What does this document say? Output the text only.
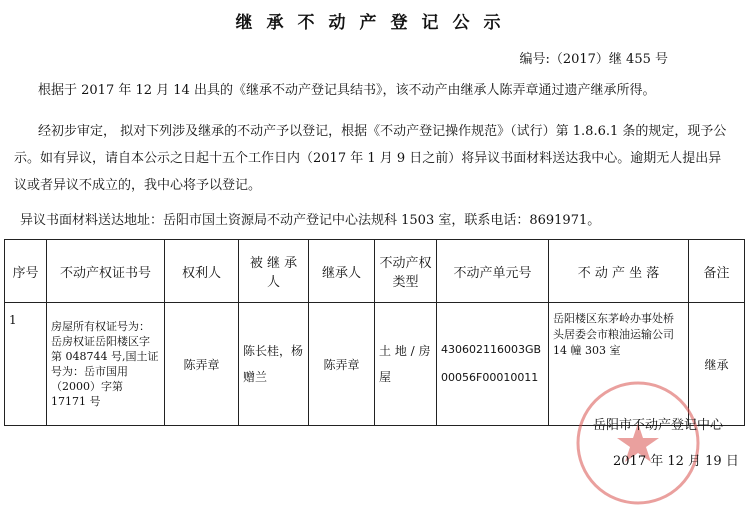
继承不动产登记公示
编号:（2017）继 455 号

根据于 2017 年 12 月 14 出具的《继承不动产登记具结书》，该不动产由继承人陈弄章通过遗产继承所得。

经初步审定， 拟对下列涉及继承的不动产予以登记，根据《不动产登记操作规范》（试行）第 1.8.6.1 条的规定，现予公示。如有异议，请自本公示之日起十五个工作日内（2017 年 1 月 9 日之前）将异议书面材料送达我中心。逾期无人提出异议或者异议不成立的，我中心将予以登记。

异议书面材料送达地址：岳阳市国土资源局不动产登记中心法规科 1503 室，联系电话：8691971。

序号	不动产权证书号	权利人	被 继 承 人	继承人	不动产权类型	不动产单元号	不 动 产 坐 落	备注
1	房屋所有权证号为：岳房权证岳阳楼区字第 048744 号,国土证号为：岳市国用（2000）字第 17171 号	陈弄章	陈长桂，杨赠兰	陈弄章	土 地 / 房屋	430602116003GB00056F00010011	岳阳楼区东茅岭办事处桥头居委会市粮油运输公司 14 幢 303 室	继承
岳阳市不动产登记中心
2017 年 12 月 19 日
